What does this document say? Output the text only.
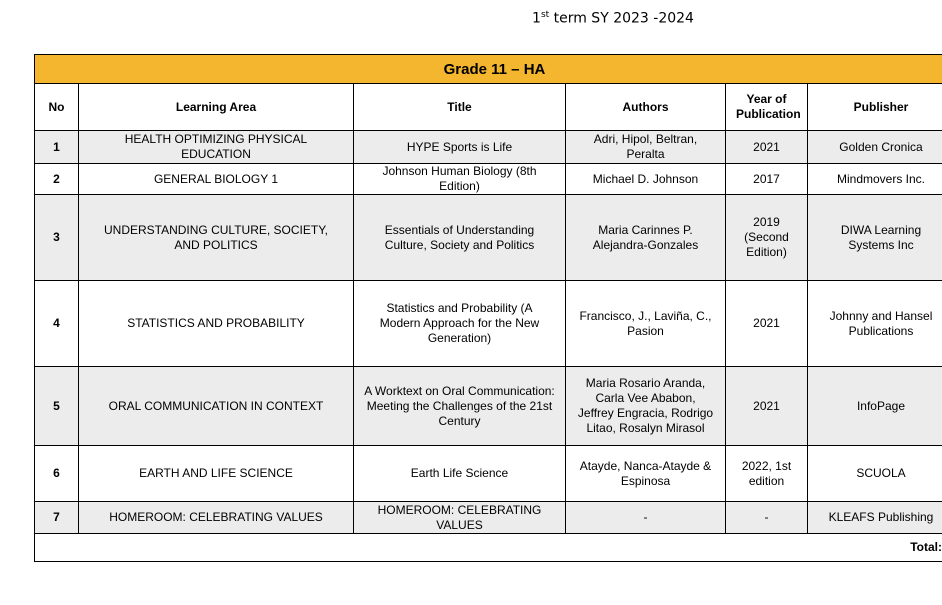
1st term SY 2023 -2024
Grade 11 – HA					
No	Learning Area	Title	Authors	Year of Publication	Publisher
1	HEALTH OPTIMIZING PHYSICAL EDUCATION	HYPE Sports is Life	Adri, Hipol, Beltran, Peralta	2021	Golden Cronica
2	GENERAL BIOLOGY 1	Johnson Human Biology (8th Edition)	Michael D. Johnson	2017	Mindmovers Inc.
3	UNDERSTANDING CULTURE, SOCIETY, AND POLITICS	Essentials of Understanding Culture, Society and Politics	Maria Carinnes P. Alejandra-Gonzales	2019 (Second Edition)	DIWA Learning Systems Inc
4	STATISTICS AND PROBABILITY	Statistics and Probability (A Modern Approach for the New Generation)	Francisco, J., Laviña, C., Pasion	2021	Johnny and Hansel Publications
5	ORAL COMMUNICATION IN CONTEXT	A Worktext on Oral Communication: Meeting the Challenges of the 21st Century	Maria Rosario Aranda, Carla Vee Ababon, Jeffrey Engracia, Rodrigo Litao, Rosalyn Mirasol	2021	InfoPage
6	EARTH AND LIFE SCIENCE	Earth Life Science	Atayde, Nanca-Atayde & Espinosa	2022, 1st edition	SCUOLA
7	HOMEROOM: CELEBRATING VALUES	HOMEROOM: CELEBRATING VALUES	-	-	KLEAFS Publishing
Total:					
